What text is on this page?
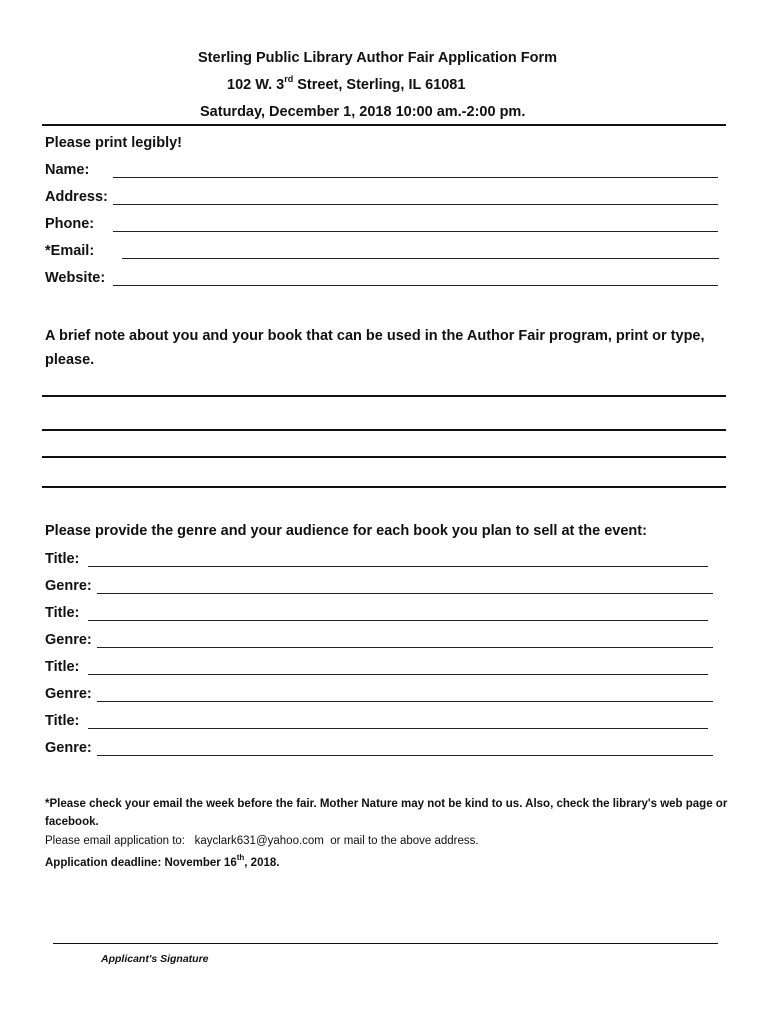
Sterling Public Library Author Fair Application Form
102 W. 3rd Street, Sterling, IL 61081
Saturday, December 1, 2018 10:00 am.-2:00 pm.
Please print legibly!
Name:
Address:
Phone:
*Email:
Website:
A brief note about you and your book that can be used in the Author Fair program, print or type, please.
Please provide the genre and your audience for each book you plan to sell at the event:
Title:
Genre:
Title:
Genre:
Title:
Genre:
Title:
Genre:
*Please check your email the week before the fair. Mother Nature may not be kind to us. Also, check the library's web page or facebook.
Please email application to: kayclark631@yahoo.com or mail to the above address.
Application deadline: November 16th, 2018.
Applicant's Signature
